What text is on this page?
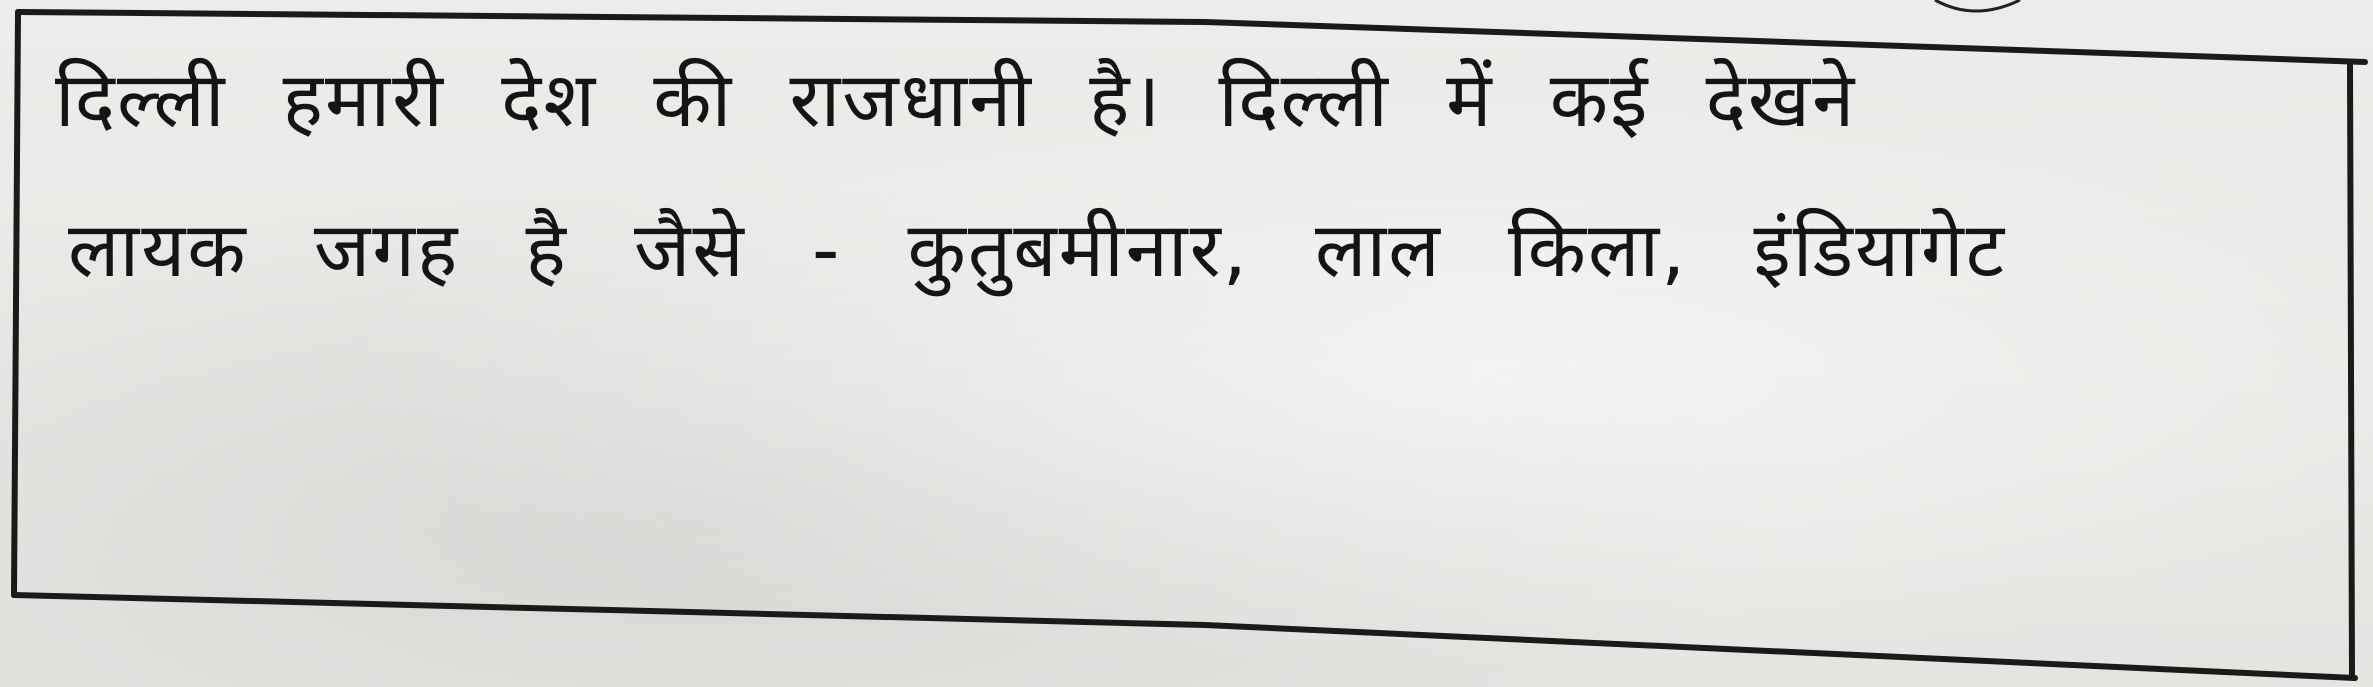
दिल्ली हमारी देश की राजधानी है। दिल्ली में कई देखने
लायक जगह है जैसे - कुतुबमीनार, लाल किला, इंडियागेट
